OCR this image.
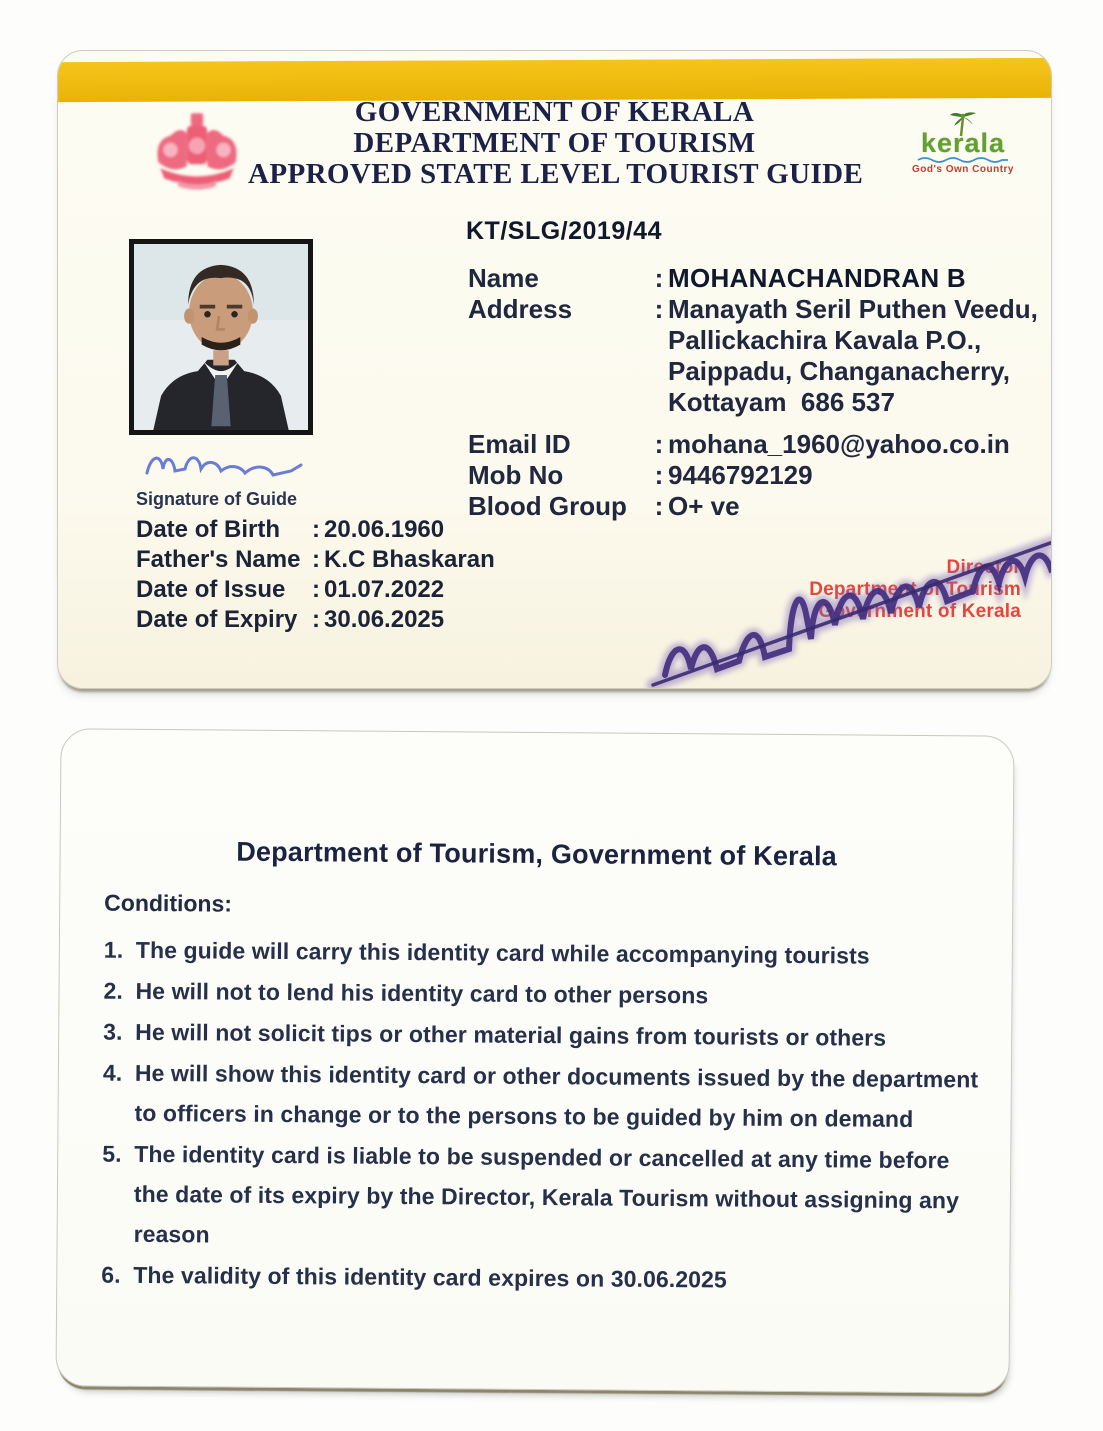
GOVERNMENT OF KERALA
DEPARTMENT OF TOURISM
APPROVED STATE LEVEL TOURIST GUIDE
kerala
God's Own Country
KT/SLG/2019/44
Signature of Guide
Date of Birth	: 20.06.1960
Father's Name : K.C Bhaskaran
Date of Issue	: 01.07.2022
Date of Expiry : 30.06.2025
Name	: MOHANACHANDRAN B
Address	: Manayath Seril Puthen Veedu,
Pallickachira Kavala P.O.,
Paippadu, Changanacherry,
Kottayam  686 537
Email ID	: mohana_1960@yahoo.co.in
Mob No	: 9446792129
Blood Group	: O+ ve
Director
Department of Tourism
Government of Kerala
Department of Tourism, Government of Kerala
Conditions:
1. The guide will carry this identity card while accompanying tourists
2. He will not to lend his identity card to other persons
3. He will not solicit tips or other material gains from tourists or others
4. He will show this identity card or other documents issued by the department to officers in change or to the persons to be guided by him on demand
5. The identity card is liable to be suspended or cancelled at any time before the date of its expiry by the Director, Kerala Tourism without assigning any reason
6. The validity of this identity card expires on 30.06.2025
